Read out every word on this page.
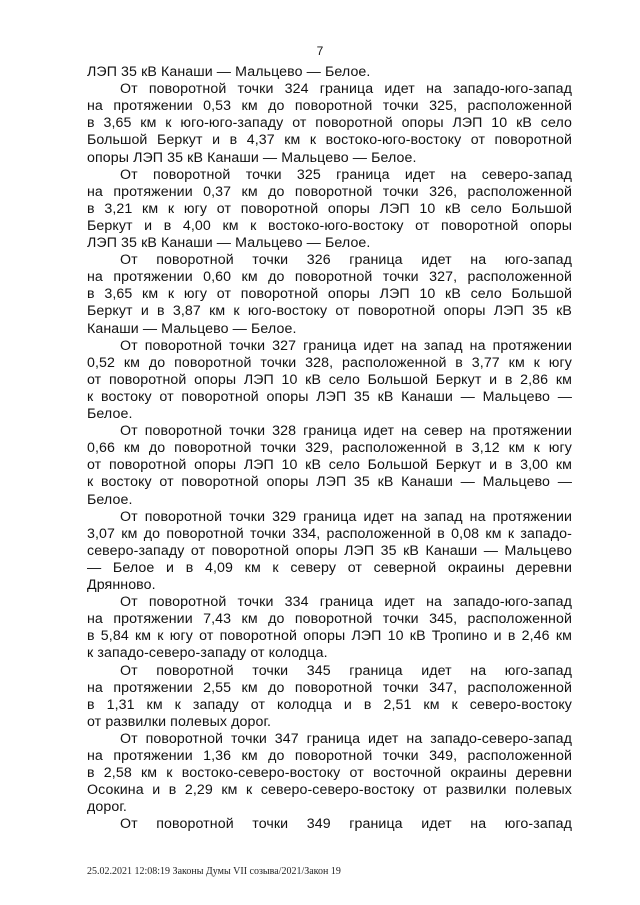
7
ЛЭП 35 кВ Канаши — Мальцево — Белое.
От поворотной точки 324 граница идет на западо-юго-запад
на протяжении 0,53 км до поворотной точки 325, расположенной
в 3,65 км к юго-юго-западу от поворотной опоры ЛЭП 10 кВ село
Большой Беркут и в 4,37 км к востоко-юго-востоку от поворотной
опоры ЛЭП 35 кВ Канаши — Мальцево — Белое.
От поворотной точки 325 граница идет на северо-запад
на протяжении 0,37 км до поворотной точки 326, расположенной
в 3,21 км к югу от поворотной опоры ЛЭП 10 кВ село Большой
Беркут и в 4,00 км к востоко-юго-востоку от поворотной опоры
ЛЭП 35 кВ Канаши — Мальцево — Белое.
От поворотной точки 326 граница идет на юго-запад
на протяжении 0,60 км до поворотной точки 327, расположенной
в 3,65 км к югу от поворотной опоры ЛЭП 10 кВ село Большой
Беркут и в 3,87 км к юго-востоку от поворотной опоры ЛЭП 35 кВ
Канаши — Мальцево — Белое.
От поворотной точки 327 граница идет на запад на протяжении
0,52 км до поворотной точки 328, расположенной в 3,77 км к югу
от поворотной опоры ЛЭП 10 кВ село Большой Беркут и в 2,86 км
к востоку от поворотной опоры ЛЭП 35 кВ Канаши — Мальцево —
Белое.
От поворотной точки 328 граница идет на север на протяжении
0,66 км до поворотной точки 329, расположенной в 3,12 км к югу
от поворотной опоры ЛЭП 10 кВ село Большой Беркут и в 3,00 км
к востоку от поворотной опоры ЛЭП 35 кВ Канаши — Мальцево —
Белое.
От поворотной точки 329 граница идет на запад на протяжении
3,07 км до поворотной точки 334, расположенной в 0,08 км к западо-
северо-западу от поворотной опоры ЛЭП 35 кВ Канаши — Мальцево
— Белое и в 4,09 км к северу от северной окраины деревни
Дрянново.
От поворотной точки 334 граница идет на западо-юго-запад
на протяжении 7,43 км до поворотной точки 345, расположенной
в 5,84 км к югу от поворотной опоры ЛЭП 10 кВ Тропино и в 2,46 км
к западо-северо-западу от колодца.
От поворотной точки 345 граница идет на юго-запад
на протяжении 2,55 км до поворотной точки 347, расположенной
в 1,31 км к западу от колодца и в 2,51 км к северо-востоку
от развилки полевых дорог.
От поворотной точки 347 граница идет на западо-северо-запад
на протяжении 1,36 км до поворотной точки 349, расположенной
в 2,58 км к востоко-северо-востоку от восточной окраины деревни
Осокина и в 2,29 км к северо-северо-востоку от развилки полевых
дорог.
От поворотной точки 349 граница идет на юго-запад
25.02.2021 12:08:19 Законы Думы VII созыва/2021/Закон 19
